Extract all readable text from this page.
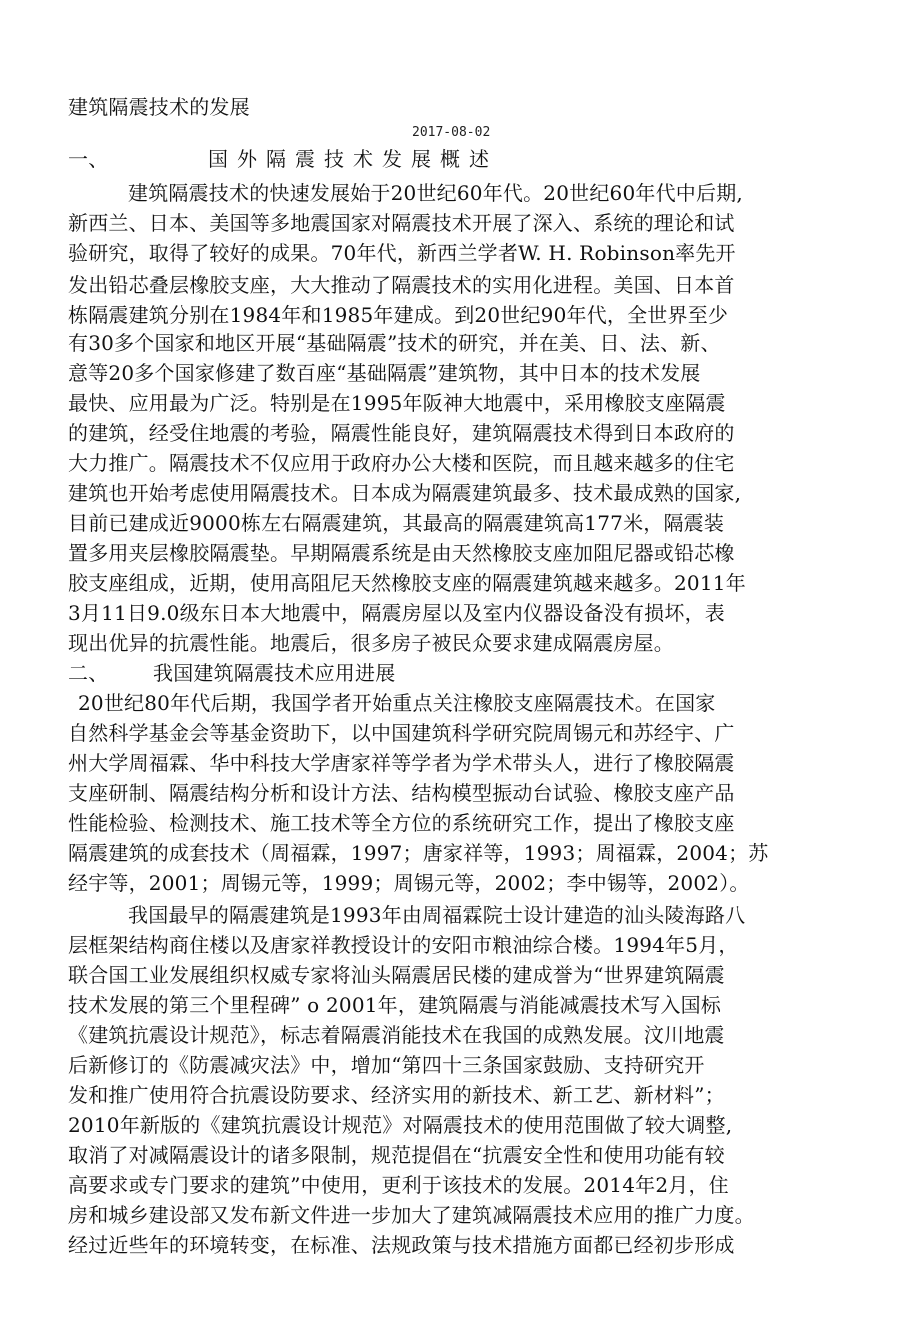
建筑隔震技术的发展
2017-08-02
一、	国外隔震技术发展概述
建筑隔震技术的快速发展始于20世纪60年代。20世纪60年代中后期,
新西兰、日本、美国等多地震国家对隔震技术开展了深入、系统的理论和试
验研究，取得了较好的成果。70年代，新西兰学者W. H. Robinson率先开
发出铅芯叠层橡胶支座，大大推动了隔震技术的实用化进程。美国、日本首
栋隔震建筑分别在1984年和1985年建成。到20世纪90年代，全世界至少
有30多个国家和地区开展“基础隔震”技术的研究，并在美、日、法、新、
意等20多个国家修建了数百座“基础隔震”建筑物，其中日本的技术发展
最快、应用最为广泛。特别是在1995年阪神大地震中，采用橡胶支座隔震
的建筑，经受住地震的考验，隔震性能良好，建筑隔震技术得到日本政府的
大力推广。隔震技术不仅应用于政府办公大楼和医院，而且越来越多的住宅
建筑也开始考虑使用隔震技术。日本成为隔震建筑最多、技术最成熟的国家,
目前已建成近9000栋左右隔震建筑，其最高的隔震建筑高177米，隔震装
置多用夹层橡胶隔震垫。早期隔震系统是由天然橡胶支座加阻尼器或铅芯橡
胶支座组成，近期，使用高阻尼天然橡胶支座的隔震建筑越来越多。2011年
3月11日9.0级东日本大地震中，隔震房屋以及室内仪器设备没有损坏，表
现出优异的抗震性能。地震后，很多房子被民众要求建成隔震房屋。
二、 我国建筑隔震技术应用进展
20世纪80年代后期，我国学者开始重点关注橡胶支座隔震技术。在国家
自然科学基金会等基金资助下，以中国建筑科学研究院周锡元和苏经宇、广
州大学周福霖、华中科技大学唐家祥等学者为学术带头人，进行了橡胶隔震
支座研制、隔震结构分析和设计方法、结构模型振动台试验、橡胶支座产品
性能检验、检测技术、施工技术等全方位的系统研究工作，提出了橡胶支座
隔震建筑的成套技术（周福霖，1997；唐家祥等，1993；周福霖，2004；苏
经宇等，2001；周锡元等，1999；周锡元等，2002；李中锡等，2002）。
我国最早的隔震建筑是1993年由周福霖院士设计建造的汕头陵海路八
层框架结构商住楼以及唐家祥教授设计的安阳市粮油综合楼。1994年5月，
联合国工业发展组织权威专家将汕头隔震居民楼的建成誉为“世界建筑隔震
技术发展的第三个里程碑” o 2001年，建筑隔震与消能减震技术写入国标
《建筑抗震设计规范》，标志着隔震消能技术在我国的成熟发展。汶川地震
后新修订的《防震减灾法》中，增加“第四十三条国家鼓励、支持研究开
发和推广使用符合抗震设防要求、经济实用的新技术、新工艺、新材料”；
2010年新版的《建筑抗震设计规范》对隔震技术的使用范围做了较大调整,
取消了对减隔震设计的诸多限制，规范提倡在“抗震安全性和使用功能有较
高要求或专门要求的建筑”中使用，更利于该技术的发展。2014年2月，住
房和城乡建设部又发布新文件进一步加大了建筑减隔震技术应用的推广力度。
经过近些年的环境转变，在标准、法规政策与技术措施方面都已经初步形成
